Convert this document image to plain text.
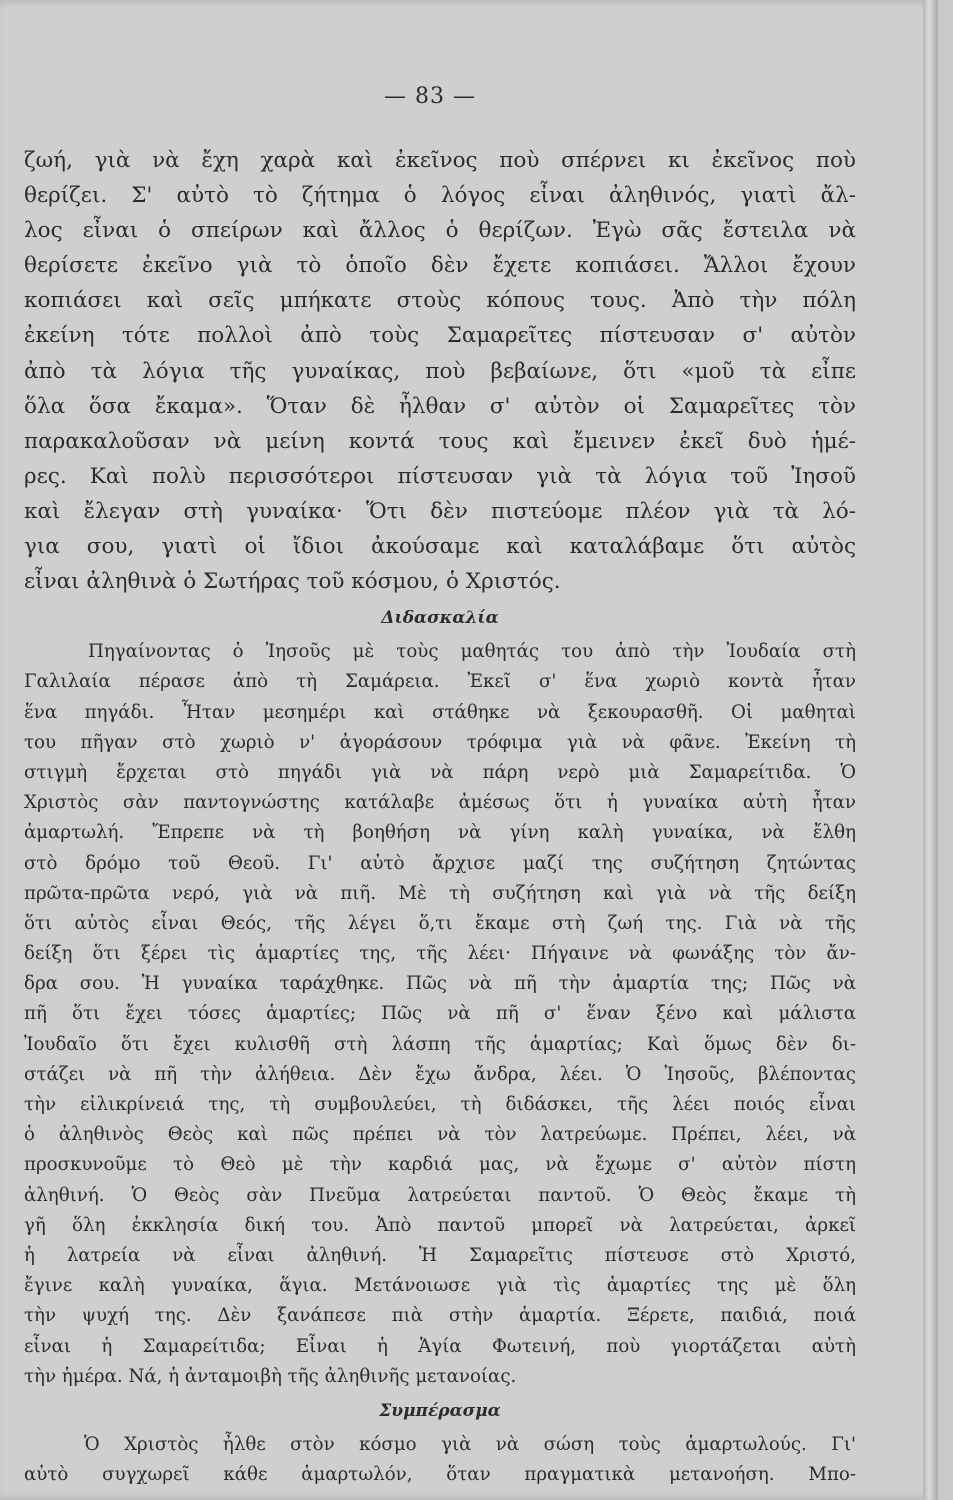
— 83 —
ζωή, γιὰ νὰ ἔχη χαρὰ καὶ ἐκεῖνος ποὺ σπέρνει κι ἐκεῖνος ποὺ
θερίζει. Σ' αὐτὸ τὸ ζήτημα ὁ λόγος εἶναι ἀληθινός, γιατὶ ἄλ-
λος εἶναι ὁ σπείρων καὶ ἄλλος ὁ θερίζων. Ἐγὼ σᾶς ἔστειλα νὰ
θερίσετε ἐκεῖνο γιὰ τὸ ὁποῖο δὲν ἔχετε κοπιάσει. Ἄλλοι ἔχουν
κοπιάσει καὶ σεῖς μπήκατε στοὺς κόπους τους. Ἀπὸ τὴν πόλη
ἐκείνη τότε πολλοὶ ἀπὸ τοὺς Σαμαρεῖτες πίστευσαν σ' αὐτὸν
ἀπὸ τὰ λόγια τῆς γυναίκας, ποὺ βεβαίωνε, ὅτι «μοῦ τὰ εἶπε
ὅλα ὅσα ἔκαμα». Ὅταν δὲ ἦλθαν σ' αὐτὸν οἱ Σαμαρεῖτες τὸν
παρακαλοῦσαν νὰ μείνη κοντά τους καὶ ἔμεινεν ἐκεῖ δυὸ ἡμέ-
ρες. Καὶ πολὺ περισσότεροι πίστευσαν γιὰ τὰ λόγια τοῦ Ἰησοῦ
καὶ ἔλεγαν στὴ γυναίκα· Ὅτι δὲν πιστεύομε πλέον γιὰ τὰ λό-
για σου, γιατὶ οἱ ἴδιοι ἀκούσαμε καὶ καταλάβαμε ὅτι αὐτὸς
εἶναι ἀληθινὰ ὁ Σωτήρας τοῦ κόσμου, ὁ Χριστός.
Διδασκαλία
Πηγαίνοντας ὁ Ἰησοῦς μὲ τοὺς μαθητάς του ἀπὸ τὴν Ἰουδαία στὴ
Γαλιλαία πέρασε ἀπὸ τὴ Σαμάρεια. Ἐκεῖ σ' ἕνα χωριὸ κοντὰ ἦταν
ἕνα πηγάδι. Ἦταν μεσημέρι καὶ στάθηκε νὰ ξεκουρασθῆ. Οἱ μαθηταὶ
του πῆγαν στὸ χωριὸ ν' ἀγοράσουν τρόφιμα γιὰ νὰ φᾶνε. Ἐκείνη τὴ
στιγμὴ ἔρχεται στὸ πηγάδι γιὰ νὰ πάρη νερὸ μιὰ Σαμαρείτιδα. Ὁ
Χριστὸς σὰν παντογνώστης κατάλαβε ἀμέσως ὅτι ἡ γυναίκα αὐτὴ ἦταν
ἁμαρτωλή. Ἔπρεπε νὰ τὴ βοηθήση νὰ γίνη καλὴ γυναίκα, νὰ ἔλθη
στὸ δρόμο τοῦ Θεοῦ. Γι' αὐτὸ ἄρχισε μαζί της συζήτηση ζητώντας
πρῶτα-πρῶτα νερό, γιὰ νὰ πιῆ. Μὲ τὴ συζήτηση καὶ γιὰ νὰ τῆς δείξη
ὅτι αὐτὸς εἶναι Θεός, τῆς λέγει ὅ,τι ἔκαμε στὴ ζωή της. Γιὰ νὰ τῆς
δείξη ὅτι ξέρει τὶς ἁμαρτίες της, τῆς λέει· Πήγαινε νὰ φωνάξης τὸν ἄν-
δρα σου. Ἡ γυναίκα ταράχθηκε. Πῶς νὰ πῆ τὴν ἁμαρτία της; Πῶς νὰ
πῆ ὅτι ἔχει τόσες ἁμαρτίες; Πῶς νὰ πῆ σ' ἕναν ξένο καὶ μάλιστα
Ἰουδαῖο ὅτι ἔχει κυλισθῆ στὴ λάσπη τῆς ἁμαρτίας; Καὶ ὅμως δὲν δι-
στάζει νὰ πῆ τὴν ἀλήθεια. Δὲν ἔχω ἄνδρα, λέει. Ὁ Ἰησοῦς, βλέποντας
τὴν εἰλικρίνειά της, τὴ συμβουλεύει, τὴ διδάσκει, τῆς λέει ποιός εἶναι
ὁ ἀληθινὸς Θεὸς καὶ πῶς πρέπει νὰ τὸν λατρεύωμε. Πρέπει, λέει, νὰ
προσκυνοῦμε τὸ Θεὸ μὲ τὴν καρδιά μας, νὰ ἔχωμε σ' αὐτὸν πίστη
ἀληθινή. Ὁ Θεὸς σὰν Πνεῦμα λατρεύεται παντοῦ. Ὁ Θεὸς ἔκαμε τὴ
γῆ ὅλη ἐκκλησία δική του. Ἀπὸ παντοῦ μπορεῖ νὰ λατρεύεται, ἀρκεῖ
ἡ λατρεία νὰ εἶναι ἀληθινή. Ἡ Σαμαρεῖτις πίστευσε στὸ Χριστό,
ἔγινε καλὴ γυναίκα, ἅγια. Μετάνοιωσε γιὰ τὶς ἁμαρτίες της μὲ ὅλη
τὴν ψυχή της. Δὲν ξανάπεσε πιὰ στὴν ἁμαρτία. Ξέρετε, παιδιά, ποιά
εἶναι ἡ Σαμαρείτιδα; Εἶναι ἡ Ἁγία Φωτεινή, ποὺ γιορτάζεται αὐτὴ
τὴν ἡμέρα. Νά, ἡ ἀνταμοιβὴ τῆς ἀληθινῆς μετανοίας.
Συμπέρασμα
Ὁ Χριστὸς ἦλθε στὸν κόσμο γιὰ νὰ σώση τοὺς ἁμαρτωλούς. Γι'
αὐτὸ συγχωρεῖ κάθε ἁμαρτωλόν, ὅταν πραγματικὰ μετανοήση. Μπο-
